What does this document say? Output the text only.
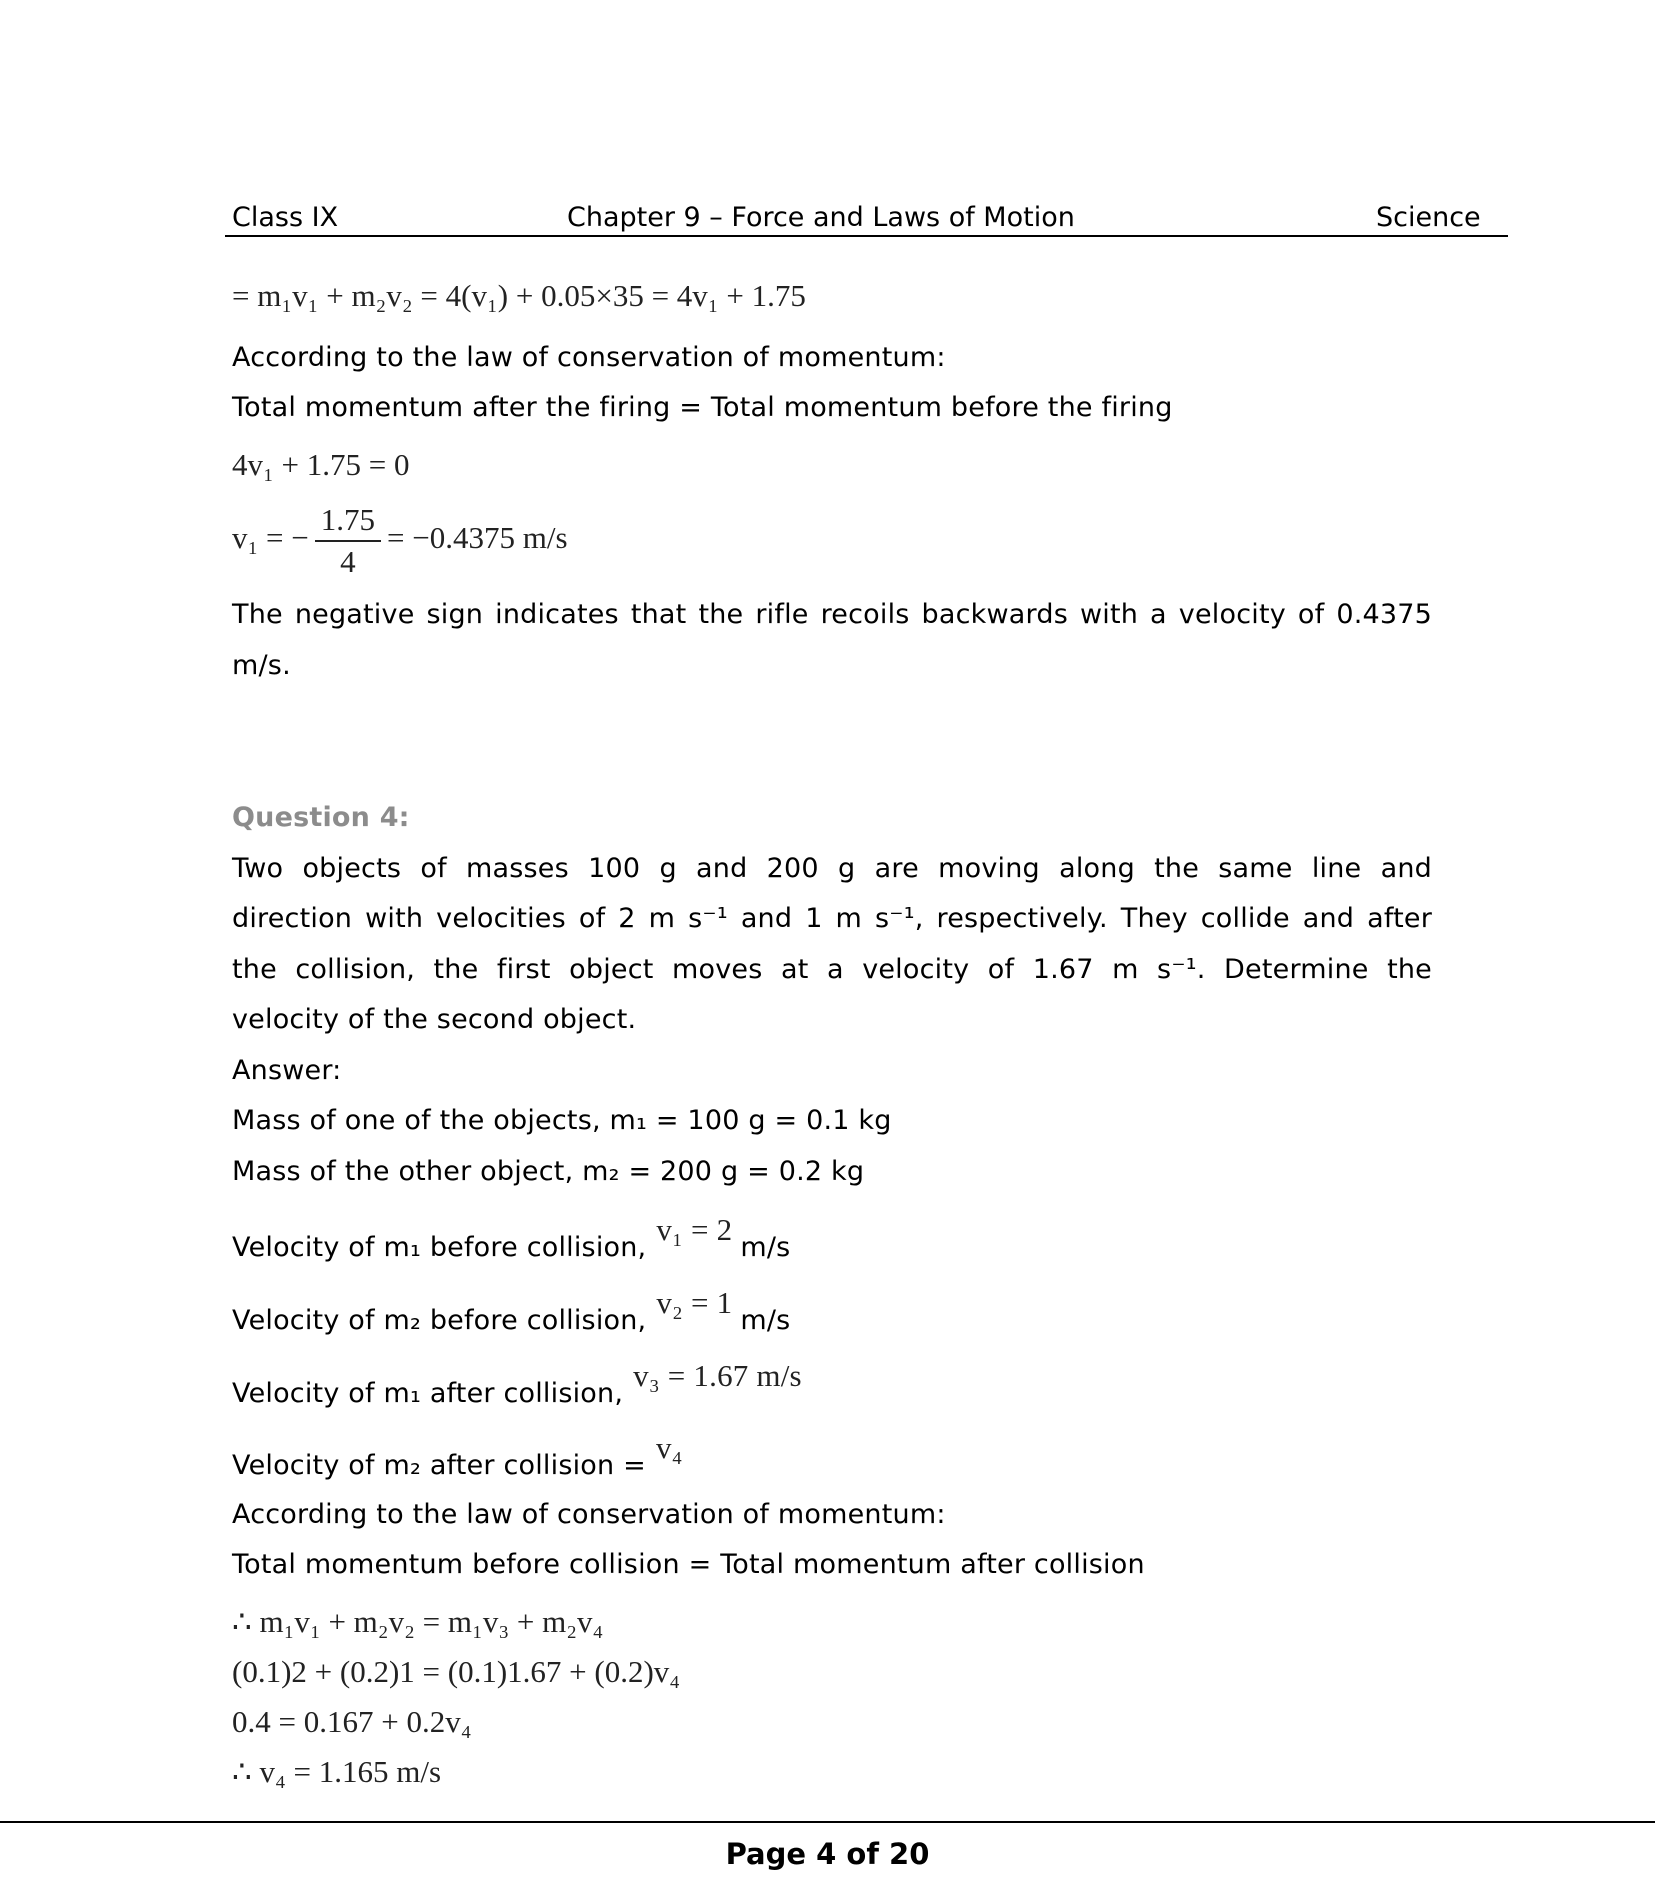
Class IX	Chapter 9 – Force and Laws of Motion	Science
= m₁v₁ + m₂v₂ = 4(v₁) + 0.05×35 = 4v₁ + 1.75
According to the law of conservation of momentum:
Total momentum after the firing = Total momentum before the firing
4v₁ + 1.75 = 0
v₁ = − $\frac{1.75}{4} = -0.4375$ m/s
The negative sign indicates that the rifle recoils backwards with a velocity of 0.4375
m/s.
Question 4:
Two objects of masses 100 g and 200 g are moving along the same line and
direction with velocities of 2 m s⁻¹ and 1 m s⁻¹, respectively. They collide and after
the collision, the first object moves at a velocity of 1.67 m s⁻¹. Determine the
velocity of the second object.
Answer:
Mass of one of the objects, m₁ = 100 g = 0.1 kg
Mass of the other object, m₂ = 200 g = 0.2 kg
Velocity of m₁ before collision,v₁ = 2m/s
Velocity of m₂ before collision,v₂ = 1m/s
Velocity of m₁ after collision,v₃ = 1.67 m/s
Velocity of m₂ after collision =v₄
According to the law of conservation of momentum:
Total momentum before collision = Total momentum after collision
∴ m₁v₁ + m₂v₂ = m₁v₃ + m₂v₄
(0.1)2 + (0.2)1 = (0.1)1.67 + (0.2)v₄
0.4 = 0.167 + 0.2v₄
∴ v₄ = 1.165 m/s
Page 4 of 20
